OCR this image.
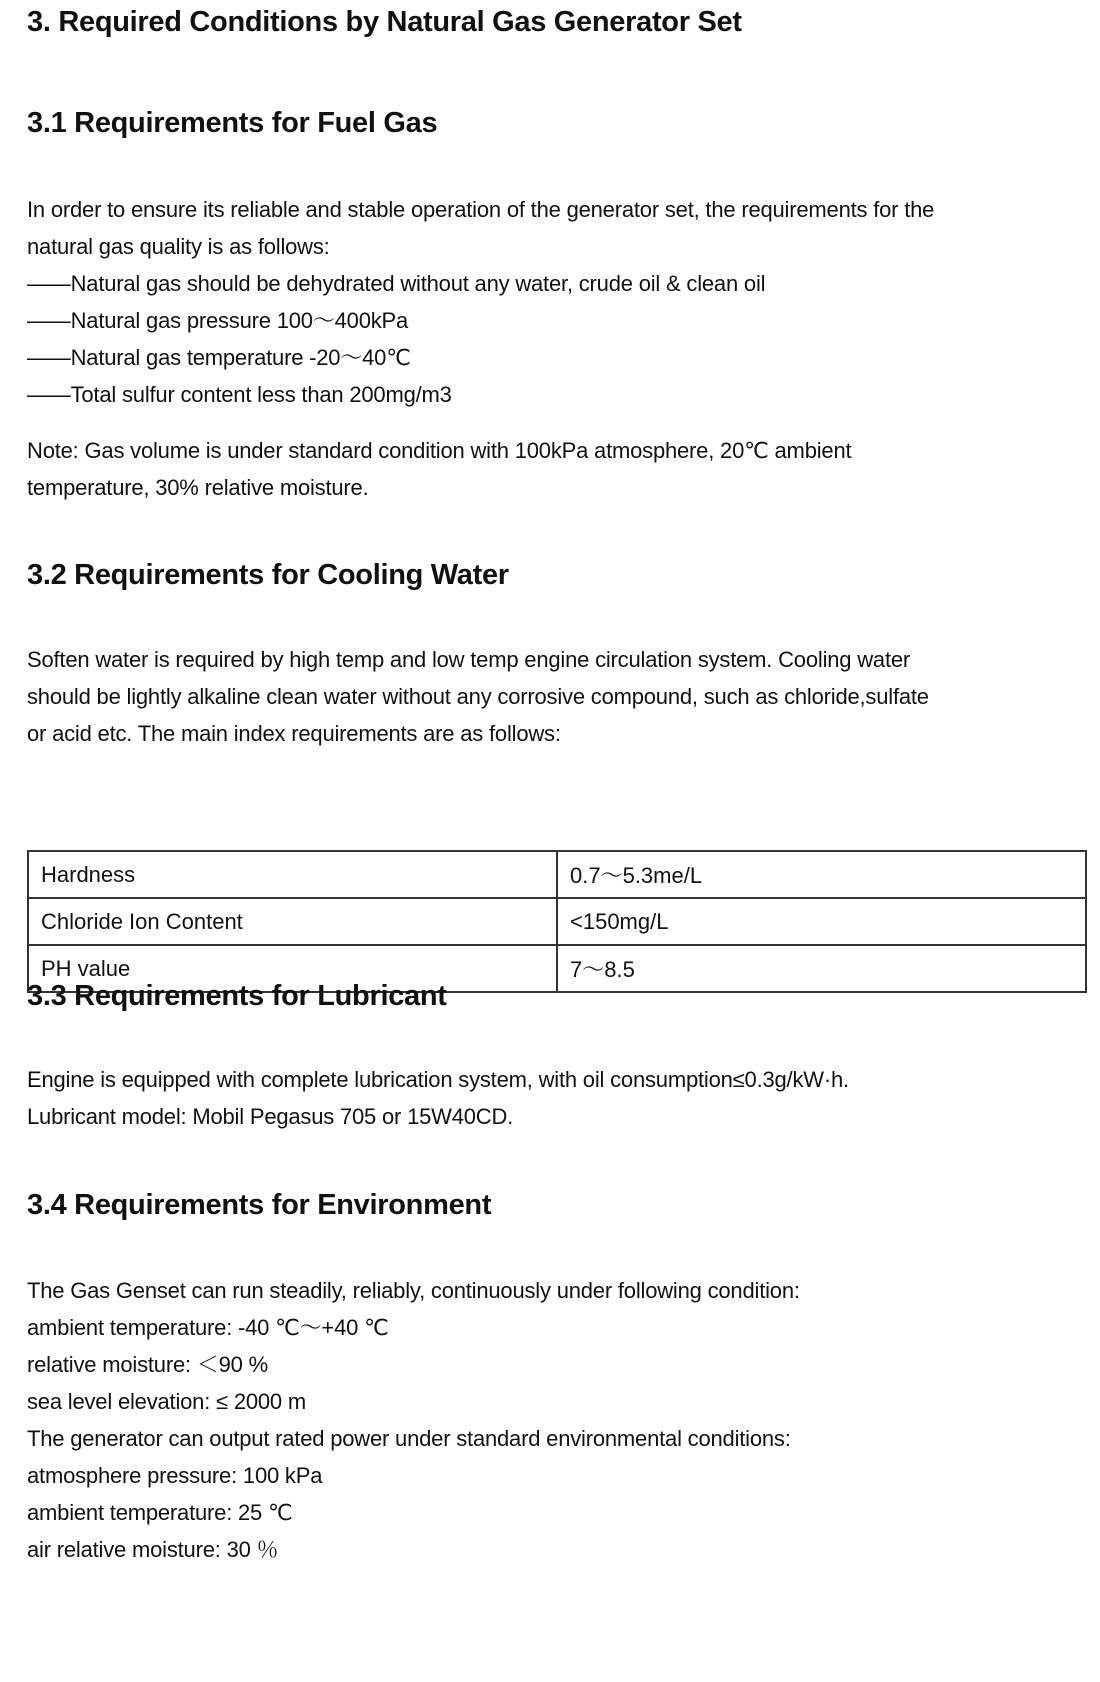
3. Required Conditions by Natural Gas Generator Set
3.1 Requirements for Fuel Gas
In order to ensure its reliable and stable operation of the generator set, the requirements for the
natural gas quality is as follows:
——Natural gas should be dehydrated without any water, crude oil & clean oil
——Natural gas pressure 100～400kPa
——Natural gas temperature -20～40℃
——Total sulfur content less than 200mg/m3
Note: Gas volume is under standard condition with 100kPa atmosphere, 20℃ ambient
temperature, 30% relative moisture.
3.2 Requirements for Cooling Water
Soften water is required by high temp and low temp engine circulation system. Cooling water
should be lightly alkaline clean water without any corrosive compound, such as chloride,sulfate
or acid etc. The main index requirements are as follows:
Hardness	0.7～5.3me/L
Chloride Ion Content	<150mg/L
PH value	7～8.5
3.3 Requirements for Lubricant
Engine is equipped with complete lubrication system, with oil consumption≤0.3g/kW·h.
Lubricant model: Mobil Pegasus 705 or 15W40CD.
3.4 Requirements for Environment
The Gas Genset can run steadily, reliably, continuously under following condition:
ambient temperature: -40 ℃～+40 ℃
relative moisture: ＜90 %
sea level elevation: ≤ 2000 m
The generator can output rated power under standard environmental conditions:
atmosphere pressure: 100 kPa
ambient temperature: 25 ℃
air relative moisture: 30 ％
